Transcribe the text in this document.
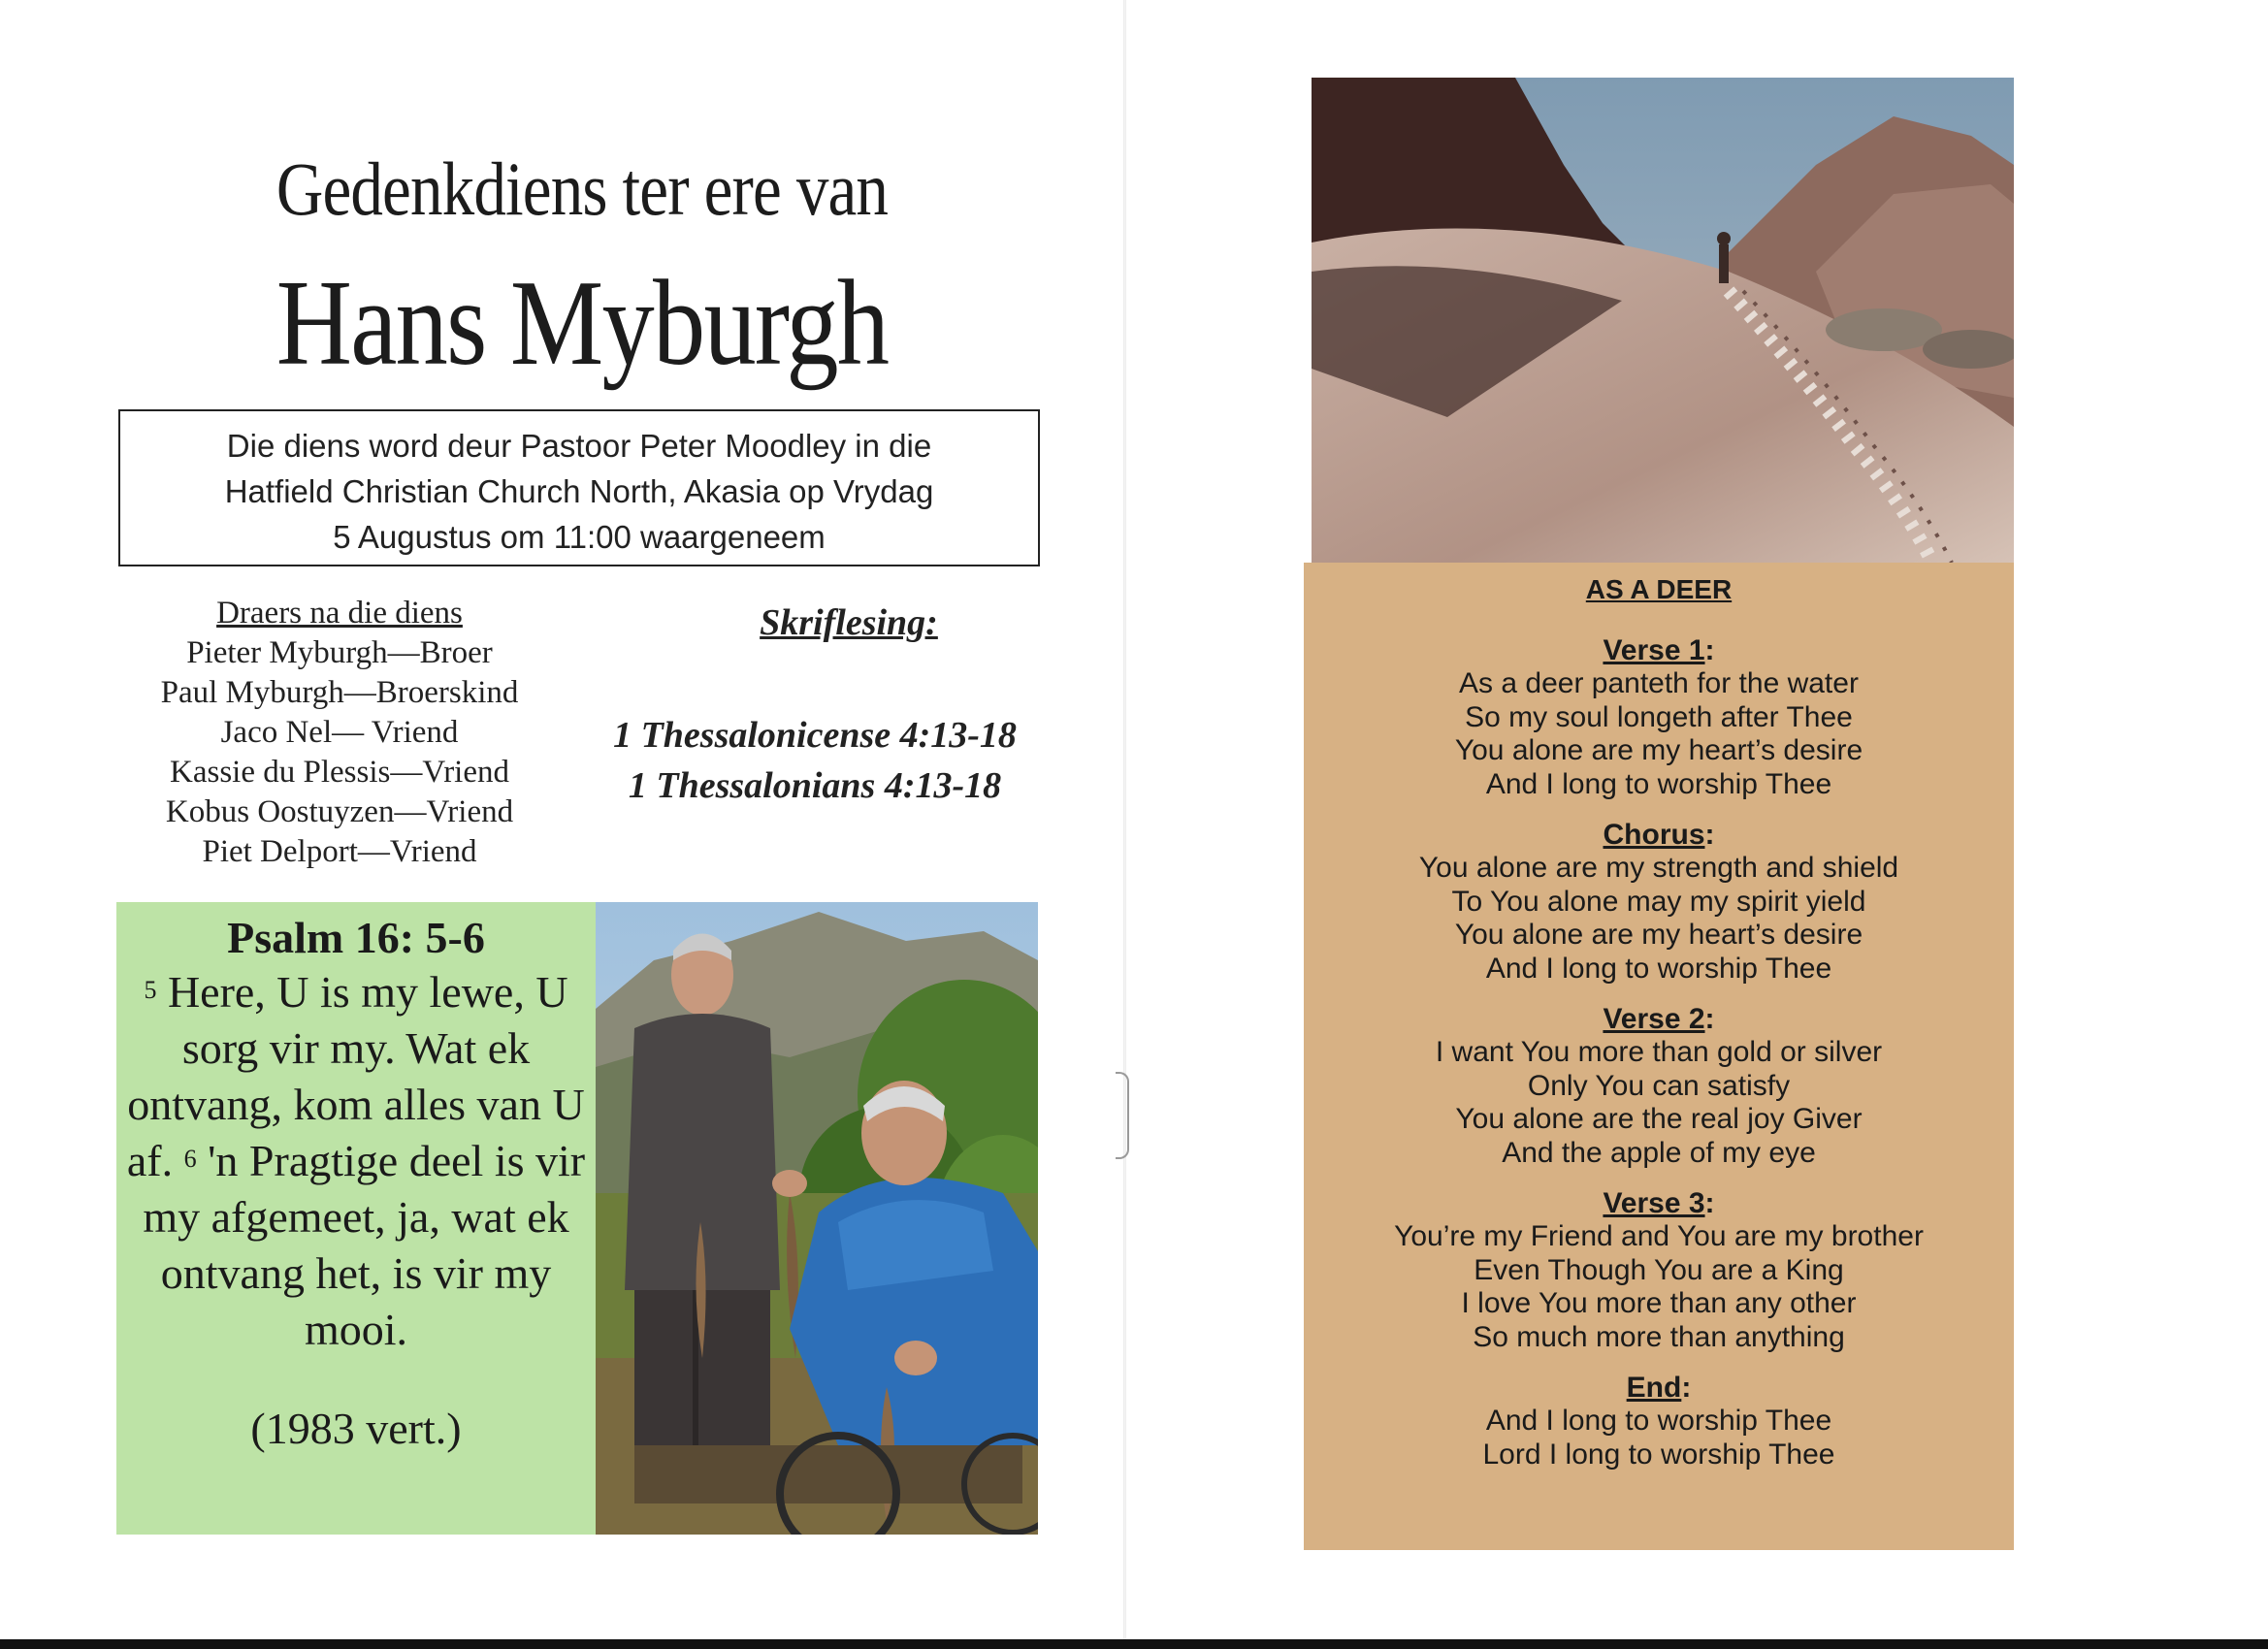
Gedenkdiens ter ere van
Hans Myburgh
Die diens word deur Pastoor Peter Moodley in die
Hatfield Christian Church North, Akasia op Vrydag
5 Augustus om 11:00 waargeneem
Draers na die diens
Pieter Myburgh—Broer
Paul Myburgh—Broerskind
Jaco Nel— Vriend
Kassie du Plessis—Vriend
Kobus Oostuyzen—Vriend
Piet Delport—Vriend
Skriflesing:
1 Thessalonicense 4:13-18
1 Thessalonians 4:13-18
Psalm 16: 5-6
$^5$ Here, U is my lewe, U sorg vir my. Wat ek ontvang, kom alles van U af. $^6$ 'n Pragtige deel is vir my afgemeet, ja, wat ek ontvang het, is vir my mooi.
(1983 vert.)
AS A DEER
Verse 1:
As a deer panteth for the water
So my soul longeth after Thee
You alone are my heart’s desire
And I long to worship Thee
Chorus:
You alone are my strength and shield
To You alone may my spirit yield
You alone are my heart’s desire
And I long to worship Thee
Verse 2:
I want You more than gold or silver
Only You can satisfy
You alone are the real joy Giver
And the apple of my eye
Verse 3:
You’re my Friend and You are my brother
Even Though You are a King
I love You more than any other
So much more than anything
End:
And I long to worship Thee
Lord I long to worship Thee
